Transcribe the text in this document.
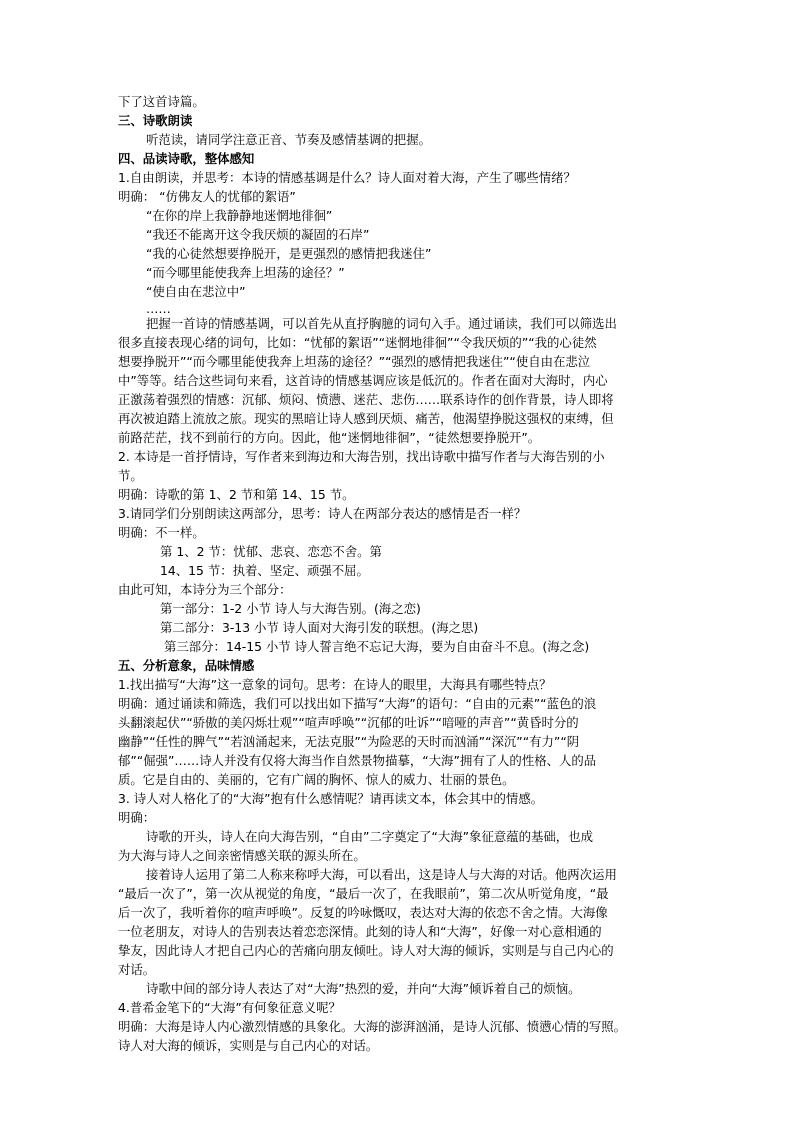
下了这首诗篇。
三、诗歌朗读
听范读，请同学注意正音、节奏及感情基调的把握。
四、品读诗歌，整体感知
1.自由朗读，并思考：本诗的情感基调是什么？诗人面对着大海，产生了哪些情绪？
明确： “仿佛友人的忧郁的絮语”
“在你的岸上我静静地迷惘地徘徊”
“我还不能离开这令我厌烦的凝固的石岸”
“我的心徒然想要挣脱开，是更强烈的感情把我迷住”
“而今哪里能使我奔上坦荡的途径？”
“使自由在悲泣中”
……
把握一首诗的情感基调，可以首先从直抒胸臆的词句入手。通过诵读，我们可以筛选出
很多直接表现心绪的词句，比如：“忧郁的絮语”“迷惘地徘徊”“令我厌烦的”“我的心徒然
想要挣脱开”“而今哪里能使我奔上坦荡的途径？”“强烈的感情把我迷住”“使自由在悲泣
中”等等。结合这些词句来看，这首诗的情感基调应该是低沉的。作者在面对大海时，内心
正激荡着强烈的情感：沉郁、烦闷、愤懑、迷茫、悲伤……联系诗作的创作背景，诗人即将
再次被迫踏上流放之旅。现实的黑暗让诗人感到厌烦、痛苦，他渴望挣脱这强权的束缚，但
前路茫茫，找不到前行的方向。因此，他“迷惘地徘徊”，“徒然想要挣脱开”。
2. 本诗是一首抒情诗，写作者来到海边和大海告别，找出诗歌中描写作者与大海告别的小
节。
明确：诗歌的第 1、2 节和第 14、15 节。
3.请同学们分别朗读这两部分，思考：诗人在两部分表达的感情是否一样？
明确：不一样。
第 1、2 节：忧郁、悲哀、恋恋不舍。第
14、15 节：执着、坚定、顽强不屈。
由此可知，本诗分为三个部分：
第一部分：1-2 小节 诗人与大海告别。(海之恋)
第二部分：3-13 小节 诗人面对大海引发的联想。(海之思)
第三部分：14-15 小节 诗人誓言绝不忘记大海，要为自由奋斗不息。(海之念)
五、分析意象，品味情感
1.找出描写“大海”这一意象的词句。思考：在诗人的眼里，大海具有哪些特点？
明确：通过诵读和筛选，我们可以找出如下描写“大海”的语句：“自由的元素”“蓝色的浪
头翻滚起伏”“骄傲的美闪烁壮观”“喧声呼唤”“沉郁的吐诉”“喑哑的声音”“黄昏时分的
幽静”“任性的脾气”“若汹涌起来，无法克服”“为险恶的天时而汹涌”“深沉”“有力”“阴
郁”“倔强”……诗人并没有仅将大海当作自然景物描摹，“大海”拥有了人的性格、人的品
质。它是自由的、美丽的，它有广阔的胸怀、惊人的威力、壮丽的景色。
3. 诗人对人格化了的“大海”抱有什么感情呢？请再读文本，体会其中的情感。
明确：
诗歌的开头，诗人在向大海告别，“自由”二字奠定了“大海”象征意蕴的基础，也成
为大海与诗人之间亲密情感关联的源头所在。
接着诗人运用了第二人称来称呼大海，可以看出，这是诗人与大海的对话。他两次运用
“最后一次了”，第一次从视觉的角度，“最后一次了，在我眼前”，第二次从听觉角度，“最
后一次了，我听着你的喧声呼唤”。反复的吟咏慨叹，表达对大海的依恋不舍之情。大海像
一位老朋友，对诗人的告别表达着恋恋深情。此刻的诗人和“大海”，好像一对心意相通的
挚友，因此诗人才把自己内心的苦痛向朋友倾吐。诗人对大海的倾诉，实则是与自己内心的
对话。
诗歌中间的部分诗人表达了对“大海”热烈的爱，并向“大海”倾诉着自己的烦恼。
4.普希金笔下的“大海”有何象征意义呢？
明确：大海是诗人内心激烈情感的具象化。大海的澎湃汹涌，是诗人沉郁、愤懑心情的写照。
诗人对大海的倾诉，实则是与自己内心的对话。
